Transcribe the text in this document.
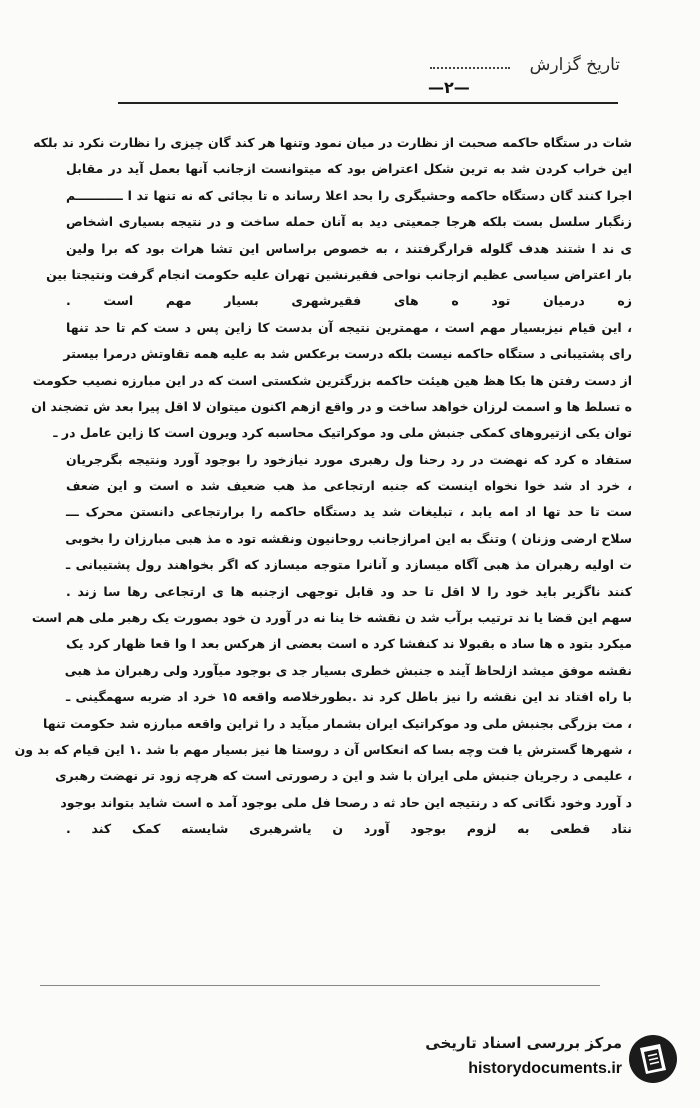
تاریخ گزارش
—۲—
شات در ستگاه حاکمه صحبت از نظارت در میان نمود وتنها هر کند گان چیزی را نظارت نکرد ند بلکه
این خراب کردن شد به ترین شکل اعتراض بود که میتوانست ازجانب آنها بعمل آید در مقابل
اجرا کنند گان دستگاه حاکمه وحشیگری را بحد اعلا رساند ه تا بجائی که نه تنها تد ا ـــــــــــم
زنگبار سلسل بست بلکه هرجا جمعیتی دید به آنان حمله ساخت و در نتیجه بسیاری اشخاص
ی ند ا شتند هدف گلوله قرارگرفتند ، به خصوص براساس این تشا هرات بود که برا ولین
بار اعتراض سیاسی عظیم ازجانب نواحی فقیرنشین تهران علیه حکومت انجام گرفت ونتیجتا بین
زه درمیان تود ه های فقیرشهری بسیار مهم است .
، این قیام نیزبسیار مهم است ، مهمترین نتیجه آن بدست کا زاین پس د ست کم تا حد تنها
رای پشتیبانی د ستگاه حاکمه نیست بلکه درست برعکس شد به علیه همه تقاوتش درمرا بیستر
از دست رفتن ها بکا هظ هین هیئت حاکمه بزرگترین شکستی است که در این مبارزه نصیب حکومت
ه تسلط ها و اسمت لرزان خواهد ساخت و در واقع ازهم اکنون میتوان لا اقل پیرا بعد ش تضجند ان
توان یکی ازتیروهای کمکی جنبش ملی ود موکراتیک محاسبه کرد ویرون است کا زاین عامل در ـ
ستفاد ه کرد که نهضت در رد رحنا ول رهبری مورد نیازخود را بوجود آورد ونتیجه بگرجریان
، خرد اد شد خوا نخواه اینست که جنبه ارتجاعی مذ هب ضعیف شد ه است و این ضعف
ست تا حد تها اد امه یابد ، تبلیغات شد ید دستگاه حاکمه را برارتجاعی دانستن محرک ـــ
سلاح ارضی وزنان ) وتنگ به این امرازجانب روحانیون ونقشه تود ه مذ هبی مبارزان را بخوبی
ت اولیه رهبران مذ هبی آگاه میسازد و آنانرا متوجه میسازد که اگر بخواهند رول پشتیبانی ـ
کنند ناگزیر باید خود را لا اقل تا حد ود قابل توجهی ازجنبه ها ی ارتجاعی رها سا زند .
سهم این قضا یا ند ترتیب برآب شد ن نقشه خا ینا نه در آورد ن خود بصورت یک رهبر ملی هم است
میکرد بتود ه ها ساد ه بقبولا ند کنفشا کرد ه است بعضی از هرکس بعد ا وا قعا ظهار کرد یک
نقشه موفق میشد ازلحاظ آیند ه جنبش خطری بسیار جد ی بوجود میآورد ولی رهبران مذ هبی
با راه افتاد ند این نقشه را نیز باطل کرد ند .بطورخلاصه واقعه ۱۵ خرد اد ضربه سهمگینی ـ
، مت بزرگی بجنبش ملی ود موکراتیک ایران بشمار میآید د را ثراین واقعه مبارزه شد حکومت تنها
، شهرها گسترش یا فت وچه بسا که انعکاس آن د روستا ها نیز بسیار مهم با شد .۱ این قیام که بد ون
، علیمی د رجریان جنبش ملی ایران با شد و این د رصورتی است که هرچه زود تر نهضت رهبری
د آورد وخود نگاتی که د رنتیجه این حاد ثه د رصحا فل ملی بوجود آمد ه است شاید بتواند بوجود
نتاد قطعی به لزوم بوجود آورد ن یاشرهبری شایسته کمک کند .
مرکز بررسی اسناد تاریخی
historydocuments.ir
